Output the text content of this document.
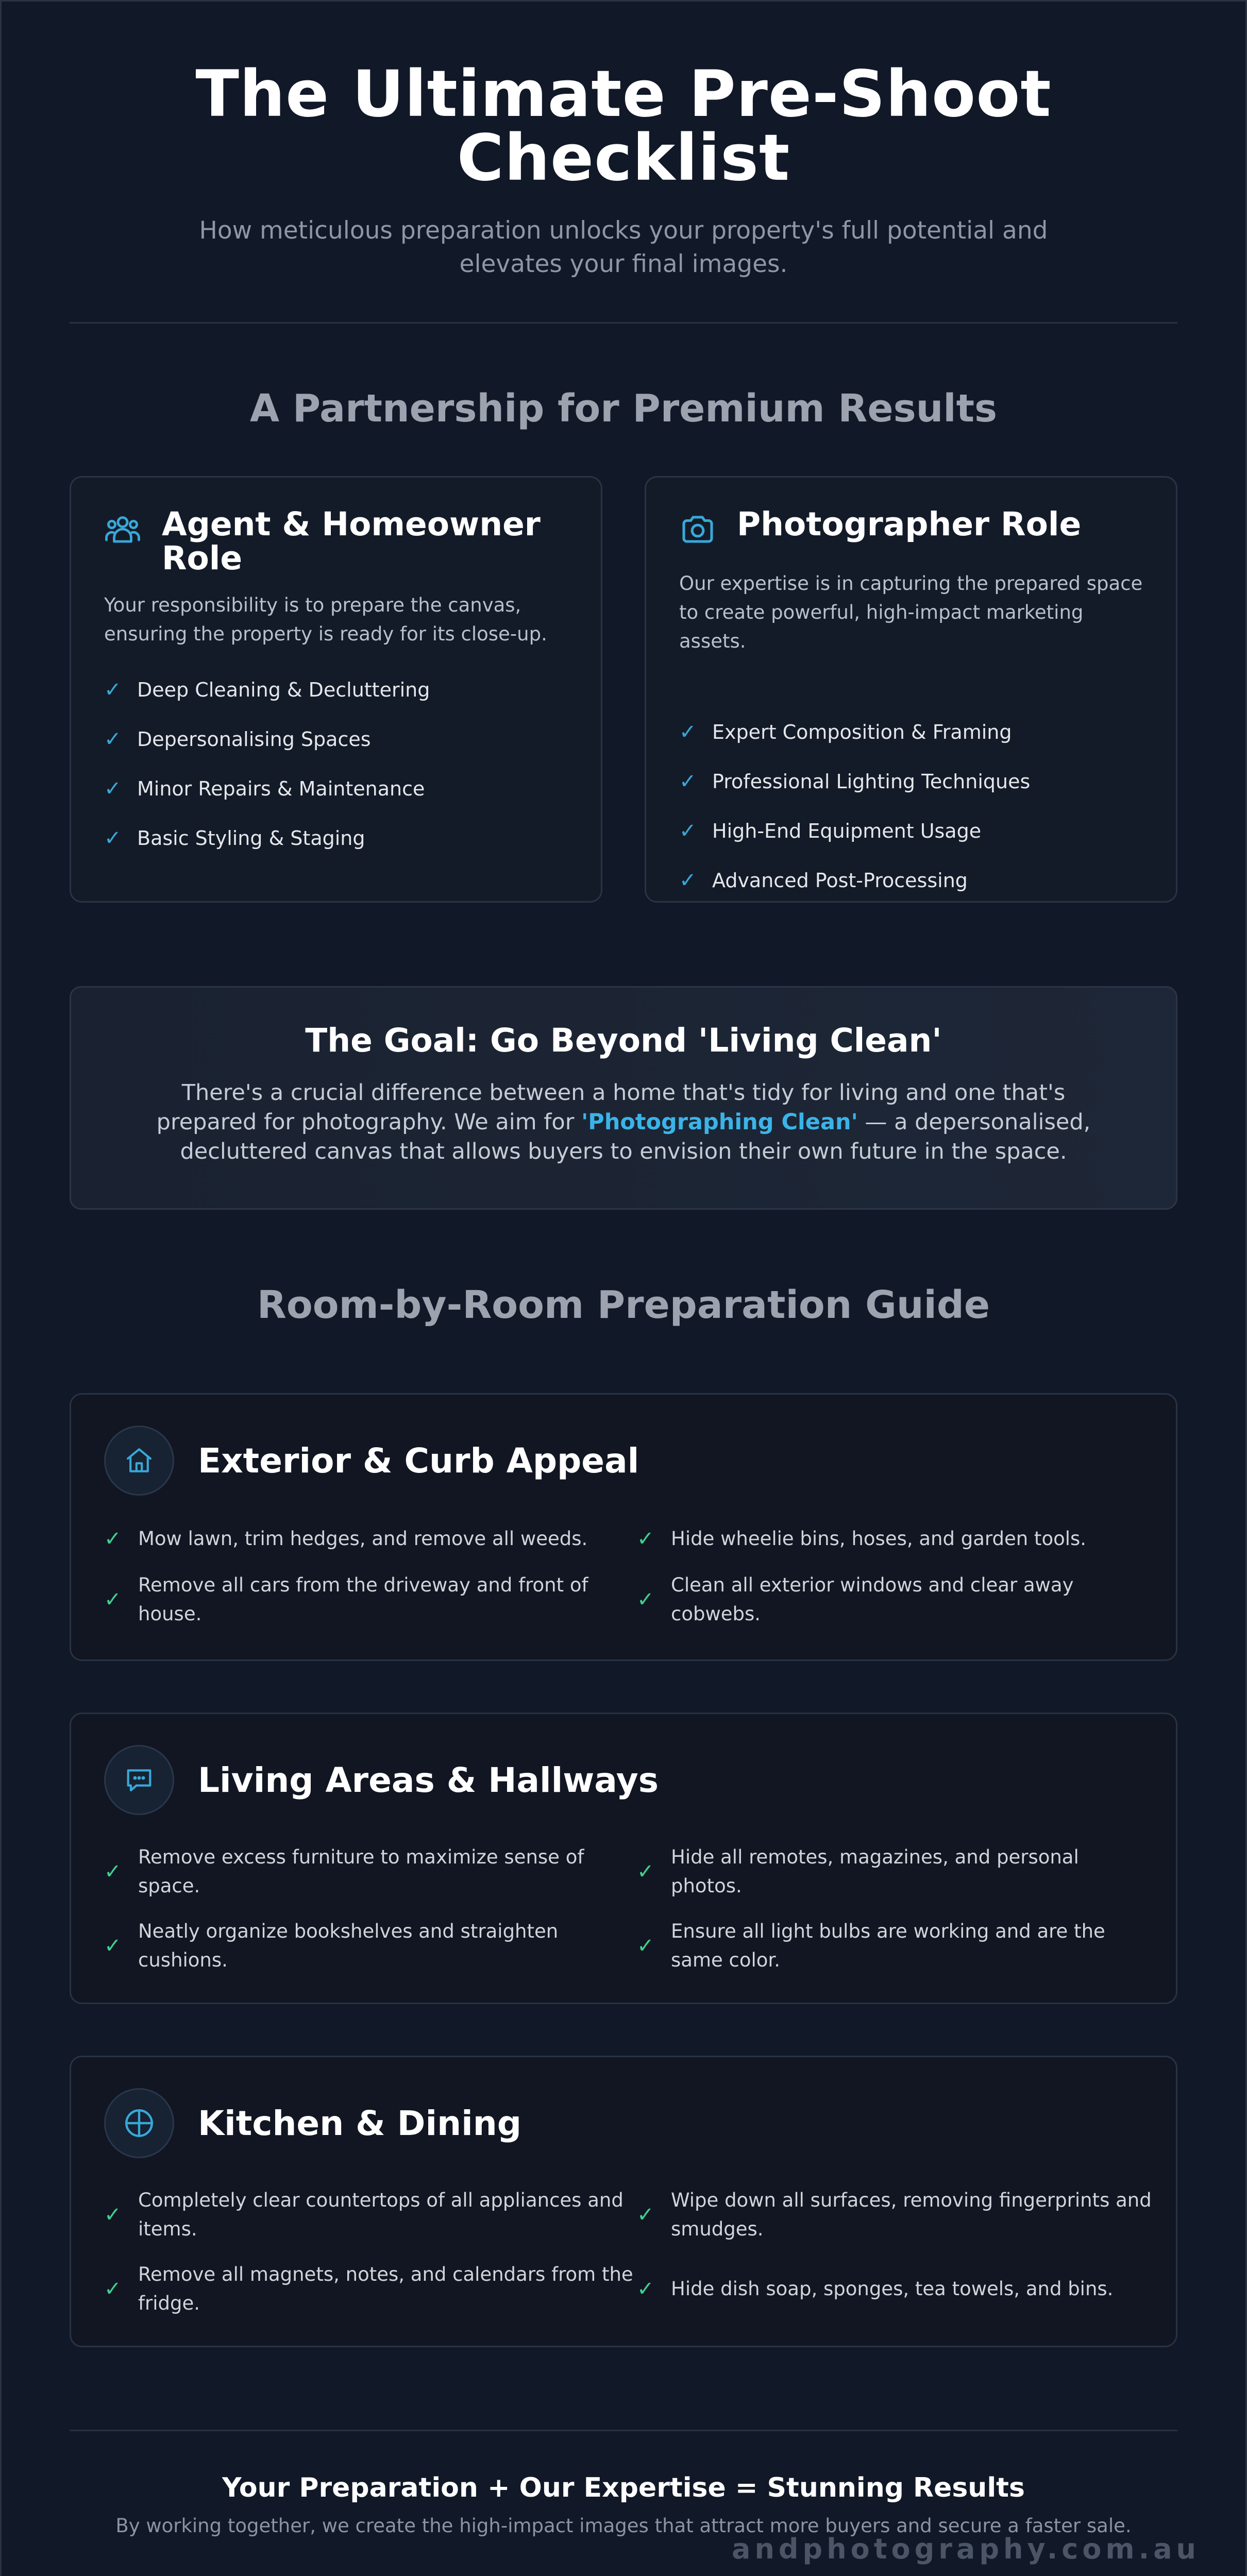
The Ultimate Pre-Shoot Checklist
How meticulous preparation unlocks your property's full potential and elevates your final images.
A Partnership for Premium Results
Agent & Homeowner Role
Your responsibility is to prepare the canvas, ensuring the property is ready for its close-up.
✓ Deep Cleaning & Decluttering
✓ Depersonalising Spaces
✓ Minor Repairs & Maintenance
✓ Basic Styling & Staging
Photographer Role
Our expertise is in capturing the prepared space to create powerful, high-impact marketing assets.
✓ Expert Composition & Framing
✓ Professional Lighting Techniques
✓ High-End Equipment Usage
✓ Advanced Post-Processing
The Goal: Go Beyond 'Living Clean'

There's a crucial difference between a home that's tidy for living and one that's prepared for photography. We aim for 'Photographing Clean' — a depersonalised, decluttered canvas that allows buyers to envision their own future in the space.

Room-by-Room Preparation Guide
Exterior & Curb Appeal
✓ Mow lawn, trim hedges, and remove all weeds. ✓ Hide wheelie bins, hoses, and garden tools.
✓
Remove all cars from the driveway and front of house.
✓
Clean all exterior windows and clear away cobwebs.
Living Areas & Hallways
✓
Remove excess furniture to maximize sense of space.
✓
Hide all remotes, magazines, and personal photos.
✓
Neatly organize bookshelves and straighten cushions.
✓
Ensure all light bulbs are working and are the same color.
Kitchen & Dining
✓
Completely clear countertops of all appliances and items.
✓
Wipe down all surfaces, removing fingerprints and smudges.
✓
Remove all magnets, notes, and calendars from the fridge.
✓ Hide dish soap, sponges, tea towels, and bins.
Your Preparation + Our Expertise = Stunning Results

By working together, we create the high-impact images that attract more buyers and secure a faster sale.

andphotography.com.au
